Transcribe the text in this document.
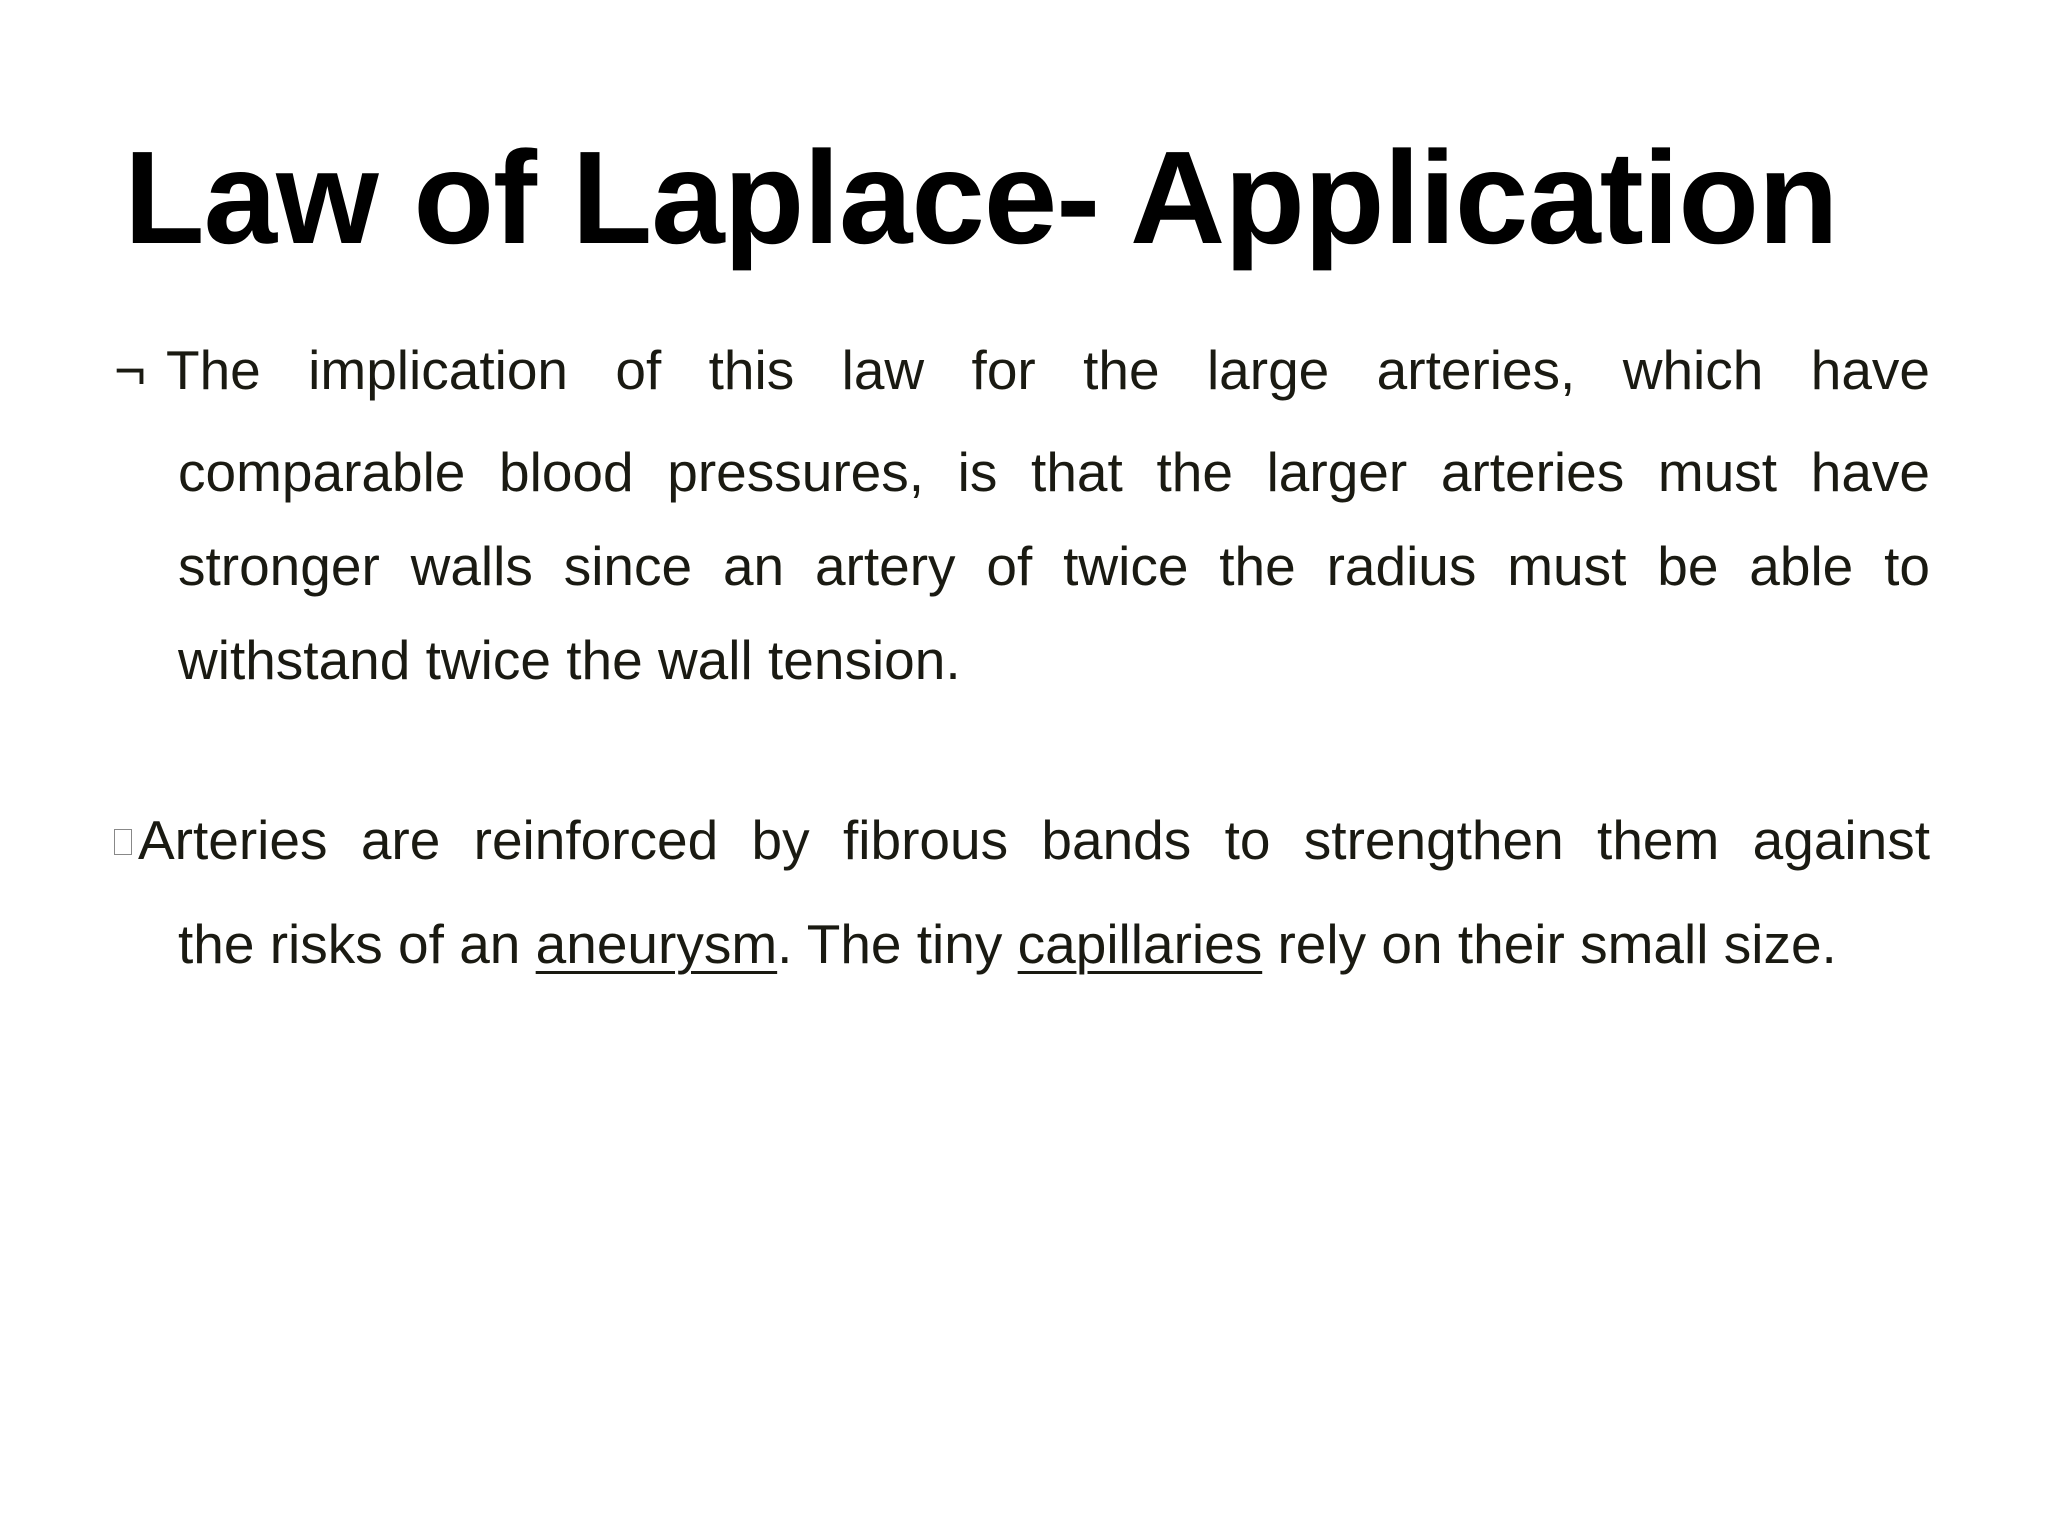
Law of Laplace- Application
¬ The implication of this law for the large arteries, which have
comparable blood pressures, is that the larger arteries must have
stronger walls since an artery of twice the radius must be able to
withstand twice the wall tension.
Arteries are reinforced by fibrous bands to strengthen them against
the risks of an aneurysm. The tiny capillaries rely on their small size.
